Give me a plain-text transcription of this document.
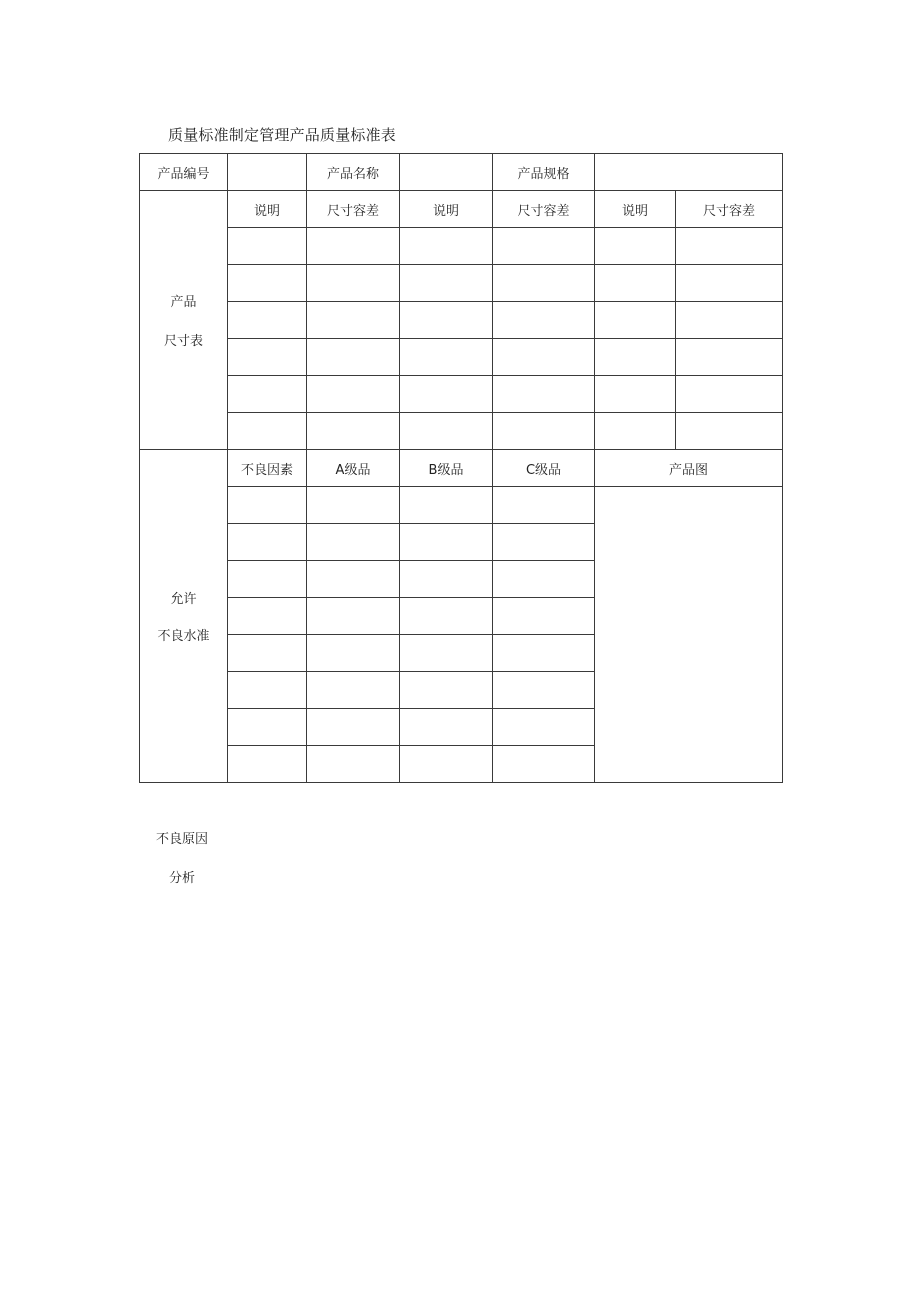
质量标准制定管理产品质量标准表
产品编号		产品名称		产品规格		

产品
尺寸表	说明	尺寸容差	说明	尺寸容差	说明	尺寸容差

允许
不良水准	不良因素	A级品	B级品	C级品	产品图	

不良原因
分析
